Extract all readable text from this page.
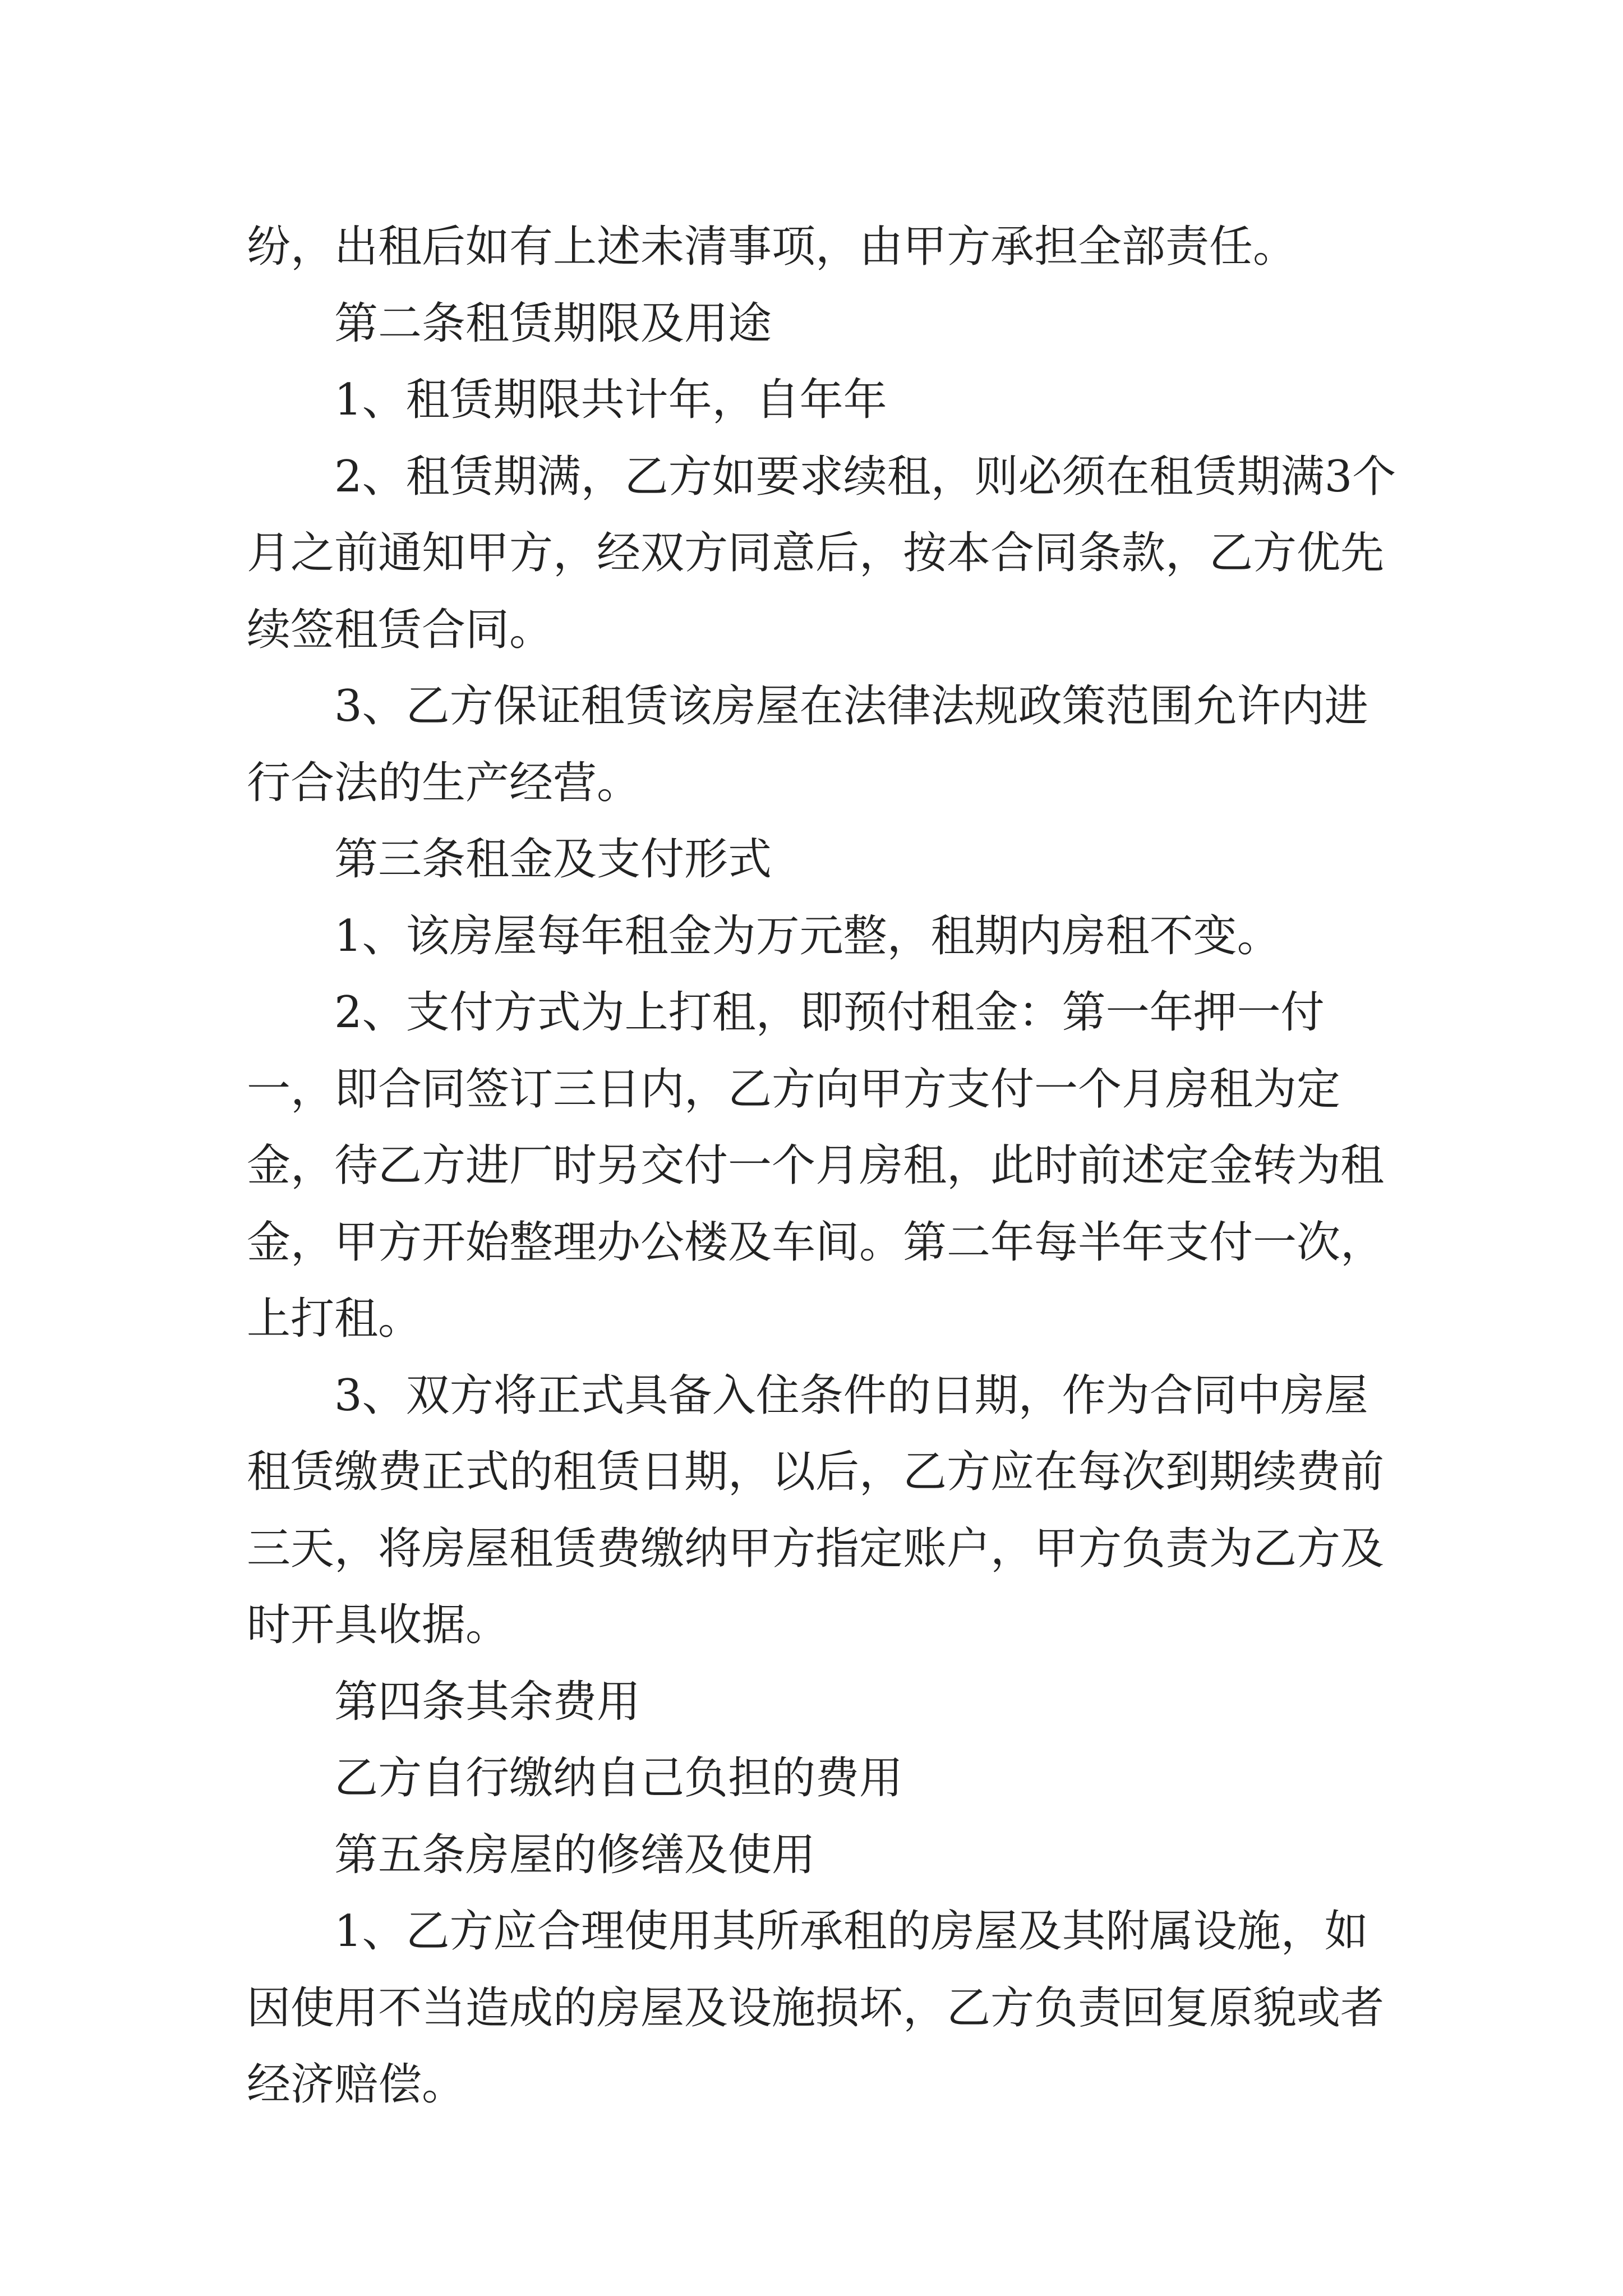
纷，出租后如有上述未清事项，由甲方承担全部责任。

第二条租赁期限及用途

1、租赁期限共计年，自年年

2、租赁期满，乙方如要求续租，则必须在租赁期满3个月之前通知甲方，经双方同意后，按本合同条款，乙方优先续签租赁合同。

3、乙方保证租赁该房屋在法律法规政策范围允许内进行合法的生产经营。

第三条租金及支付形式

1、该房屋每年租金为万元整，租期内房租不变。

2、支付方式为上打租，即预付租金：第一年押一付一，即合同签订三日内，乙方向甲方支付一个月房租为定金，待乙方进厂时另交付一个月房租，此时前述定金转为租金，甲方开始整理办公楼及车间。第二年每半年支付一次，上打租。

3、双方将正式具备入住条件的日期，作为合同中房屋租赁缴费正式的租赁日期，以后，乙方应在每次到期续费前三天，将房屋租赁费缴纳甲方指定账户，甲方负责为乙方及时开具收据。

第四条其余费用

乙方自行缴纳自己负担的费用

第五条房屋的修缮及使用

1、乙方应合理使用其所承租的房屋及其附属设施，如因使用不当造成的房屋及设施损坏，乙方负责回复原貌或者经济赔偿。
